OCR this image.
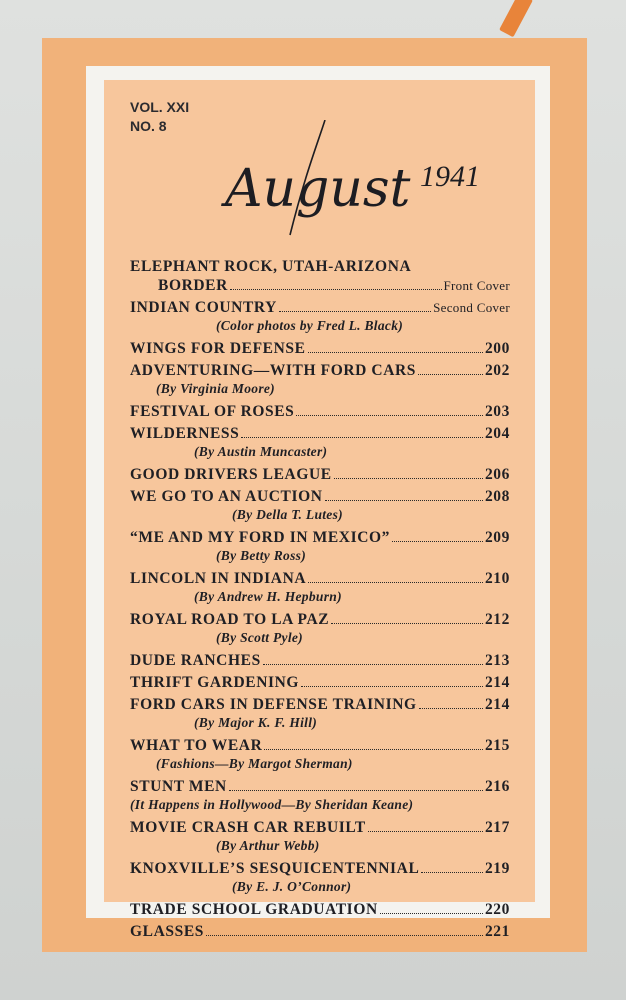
VOL. XXI
NO. 8
August 1941
ELEPHANT ROCK, UTAH-ARIZONA
BORDER	Front Cover
INDIAN COUNTRY	Second Cover
(Color photos by Fred L. Black)
WINGS FOR DEFENSE	200
ADVENTURING—WITH FORD CARS	202
(By Virginia Moore)
FESTIVAL OF ROSES	203
WILDERNESS	204
(By Austin Muncaster)
GOOD DRIVERS LEAGUE	206
WE GO TO AN AUCTION	208
(By Della T. Lutes)
“ME AND MY FORD IN MEXICO”	209
(By Betty Ross)
LINCOLN IN INDIANA	210
(By Andrew H. Hepburn)
ROYAL ROAD TO LA PAZ	212
(By Scott Pyle)
DUDE RANCHES	213
THRIFT GARDENING	214
FORD CARS IN DEFENSE TRAINING	214
(By Major K. F. Hill)
WHAT TO WEAR	215
(Fashions—By Margot Sherman)
STUNT MEN	216
(It Happens in Hollywood—By Sheridan Keane)
MOVIE CRASH CAR REBUILT	217
(By Arthur Webb)
KNOXVILLE’S SESQUICENTENNIAL	219
(By E. J. O’Connor)
TRADE SCHOOL GRADUATION	220
GLASSES	221
